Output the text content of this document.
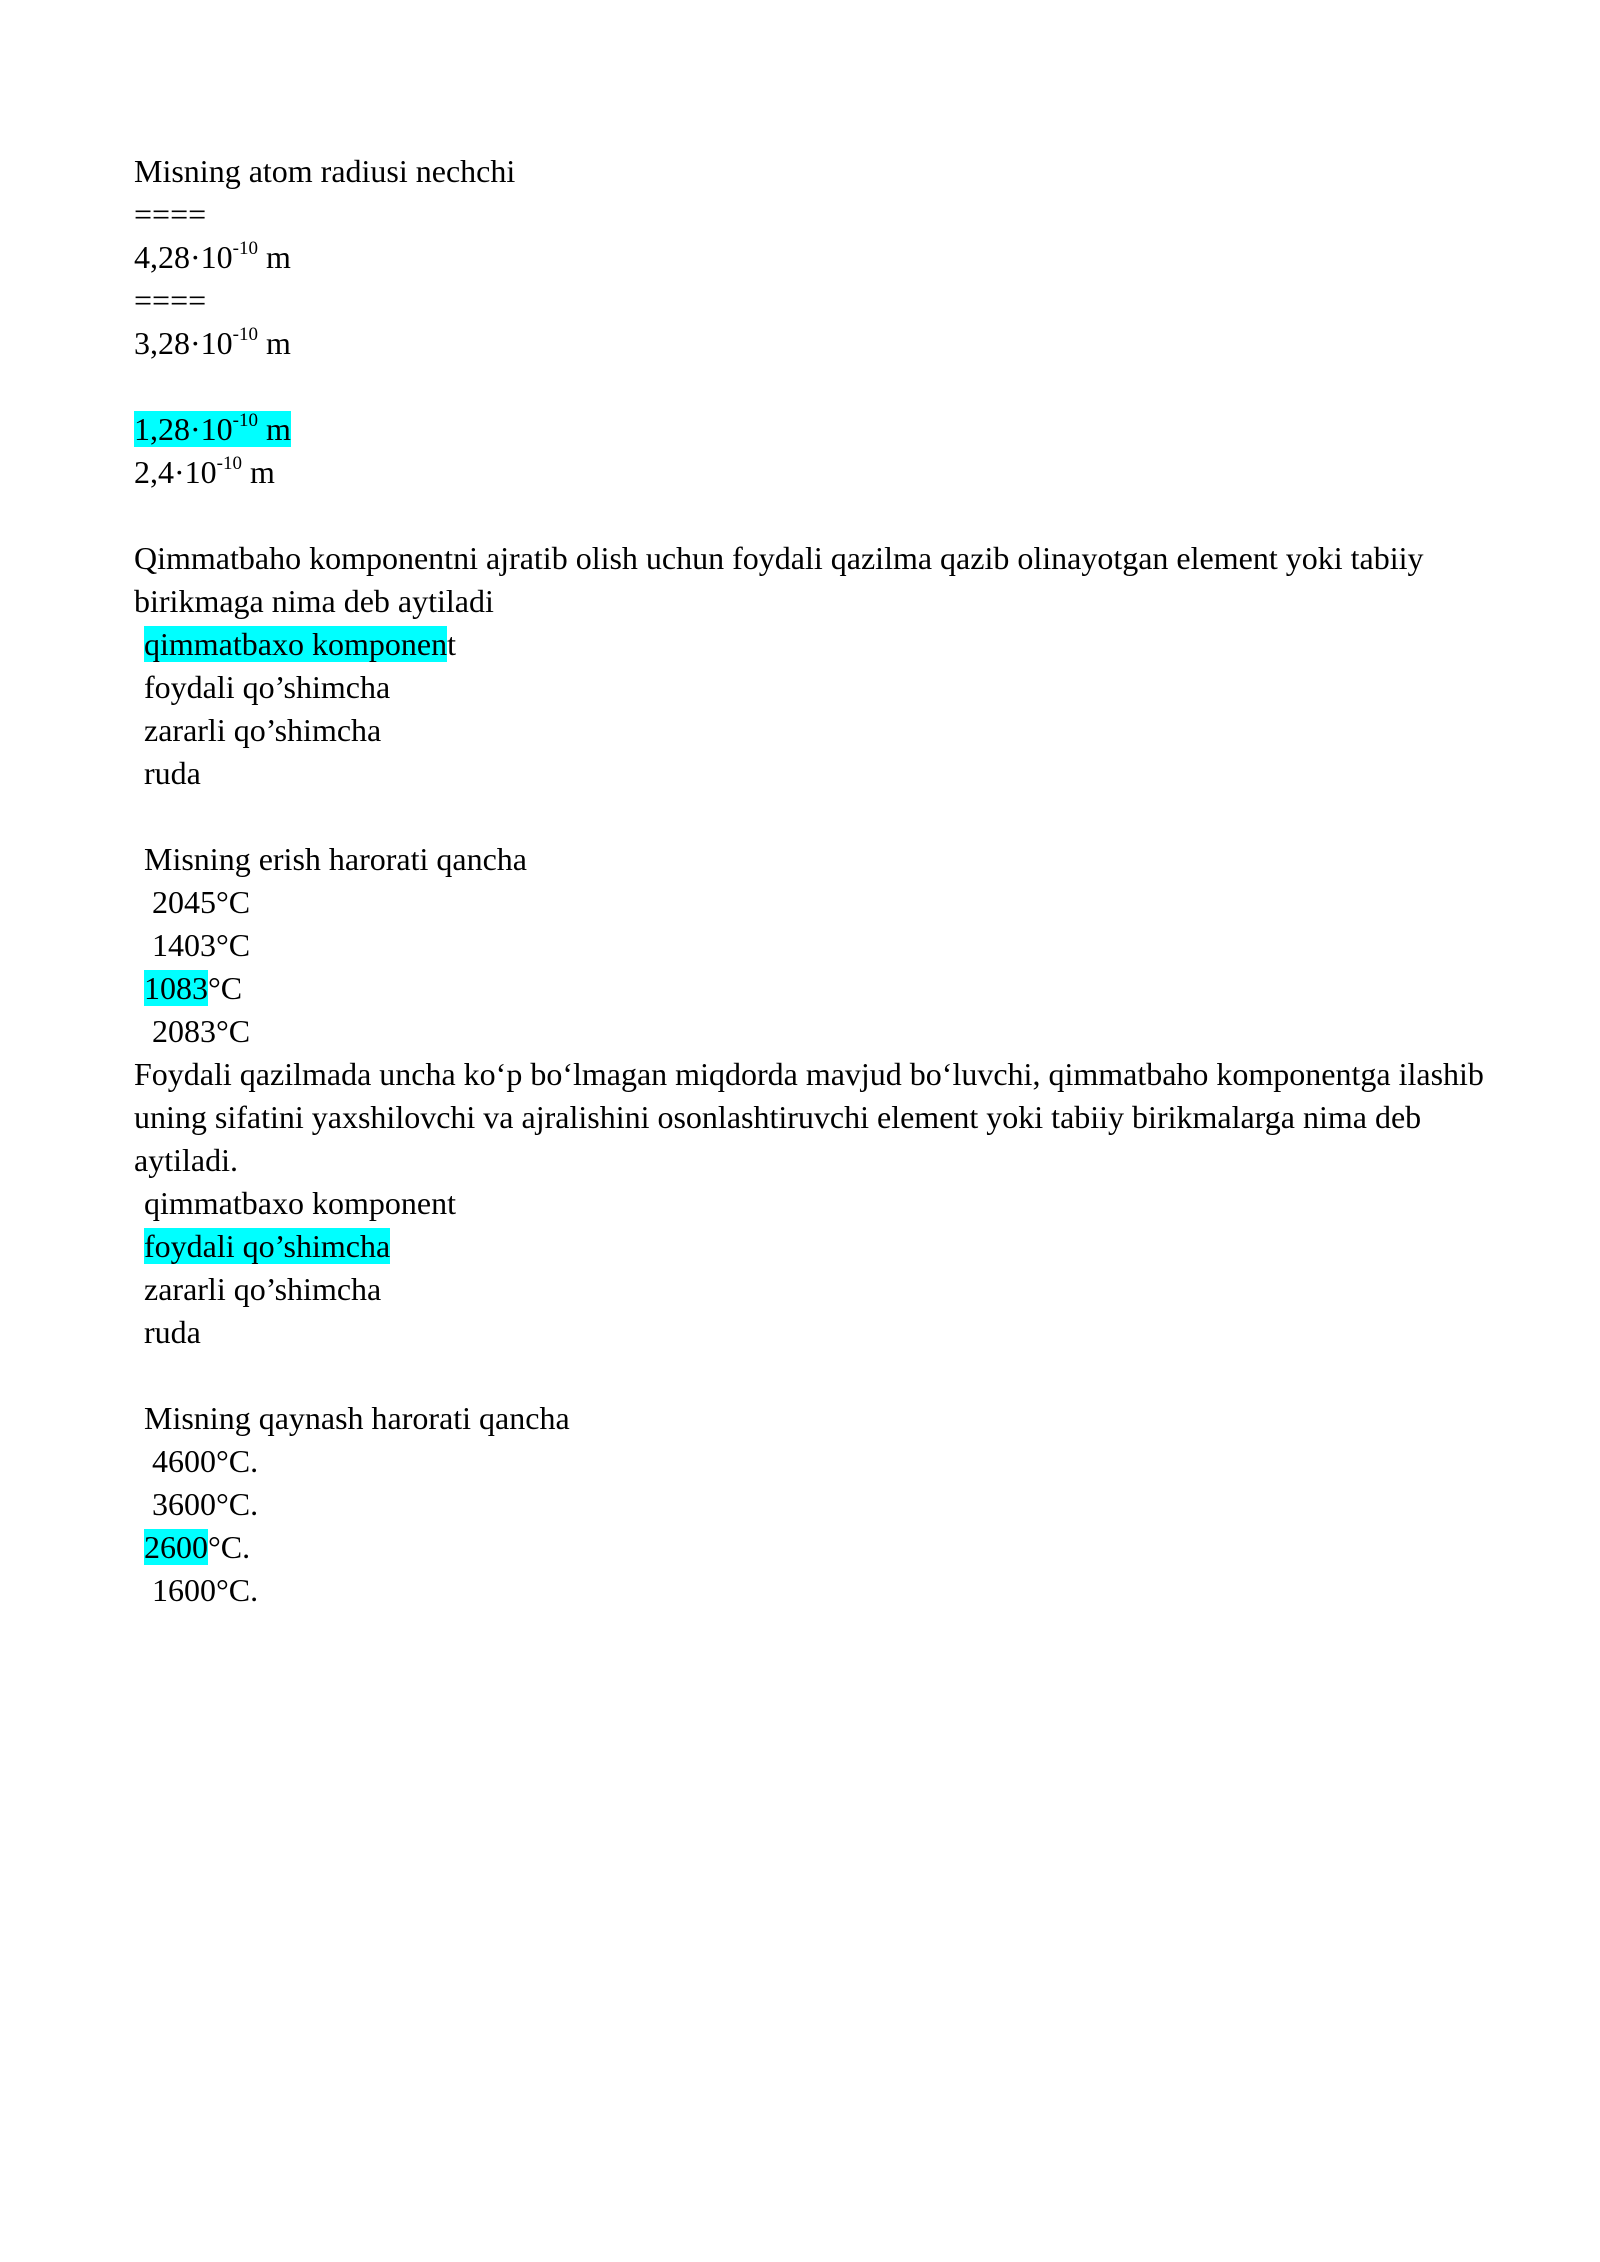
Misning atom radiusi nechchi
====
$4,28\cdot 10^{-10}$ m
====
$3,28\cdot 10^{-10}$ m
$1,28\cdot 10^{-10}$ m
$2,4\cdot 10^{-10}$ m
Qimmatbaho komponentni ajratib olish uchun foydali qazilma qazib olinayotgan element yoki tabiiy birikmaga nima deb aytiladi
qimmatbaxo komponent
foydali qo’shimcha
zararli qo’shimcha
ruda
Misning erish harorati qancha
2045°C
1403°C
1083°C
2083°C
Foydali qazilmada uncha ko‘p bo‘lmagan miqdorda mavjud bo‘luvchi, qimmatbaho komponentga ilashib uning sifatini yaxshilovchi va ajralishini osonlashtiruvchi element yoki tabiiy birikmalarga nima deb aytiladi.
qimmatbaxo komponent
foydali qo’shimcha
zararli qo’shimcha
ruda
Misning qaynash harorati qancha
4600°C.
3600°C.
2600°C.
1600°C.
